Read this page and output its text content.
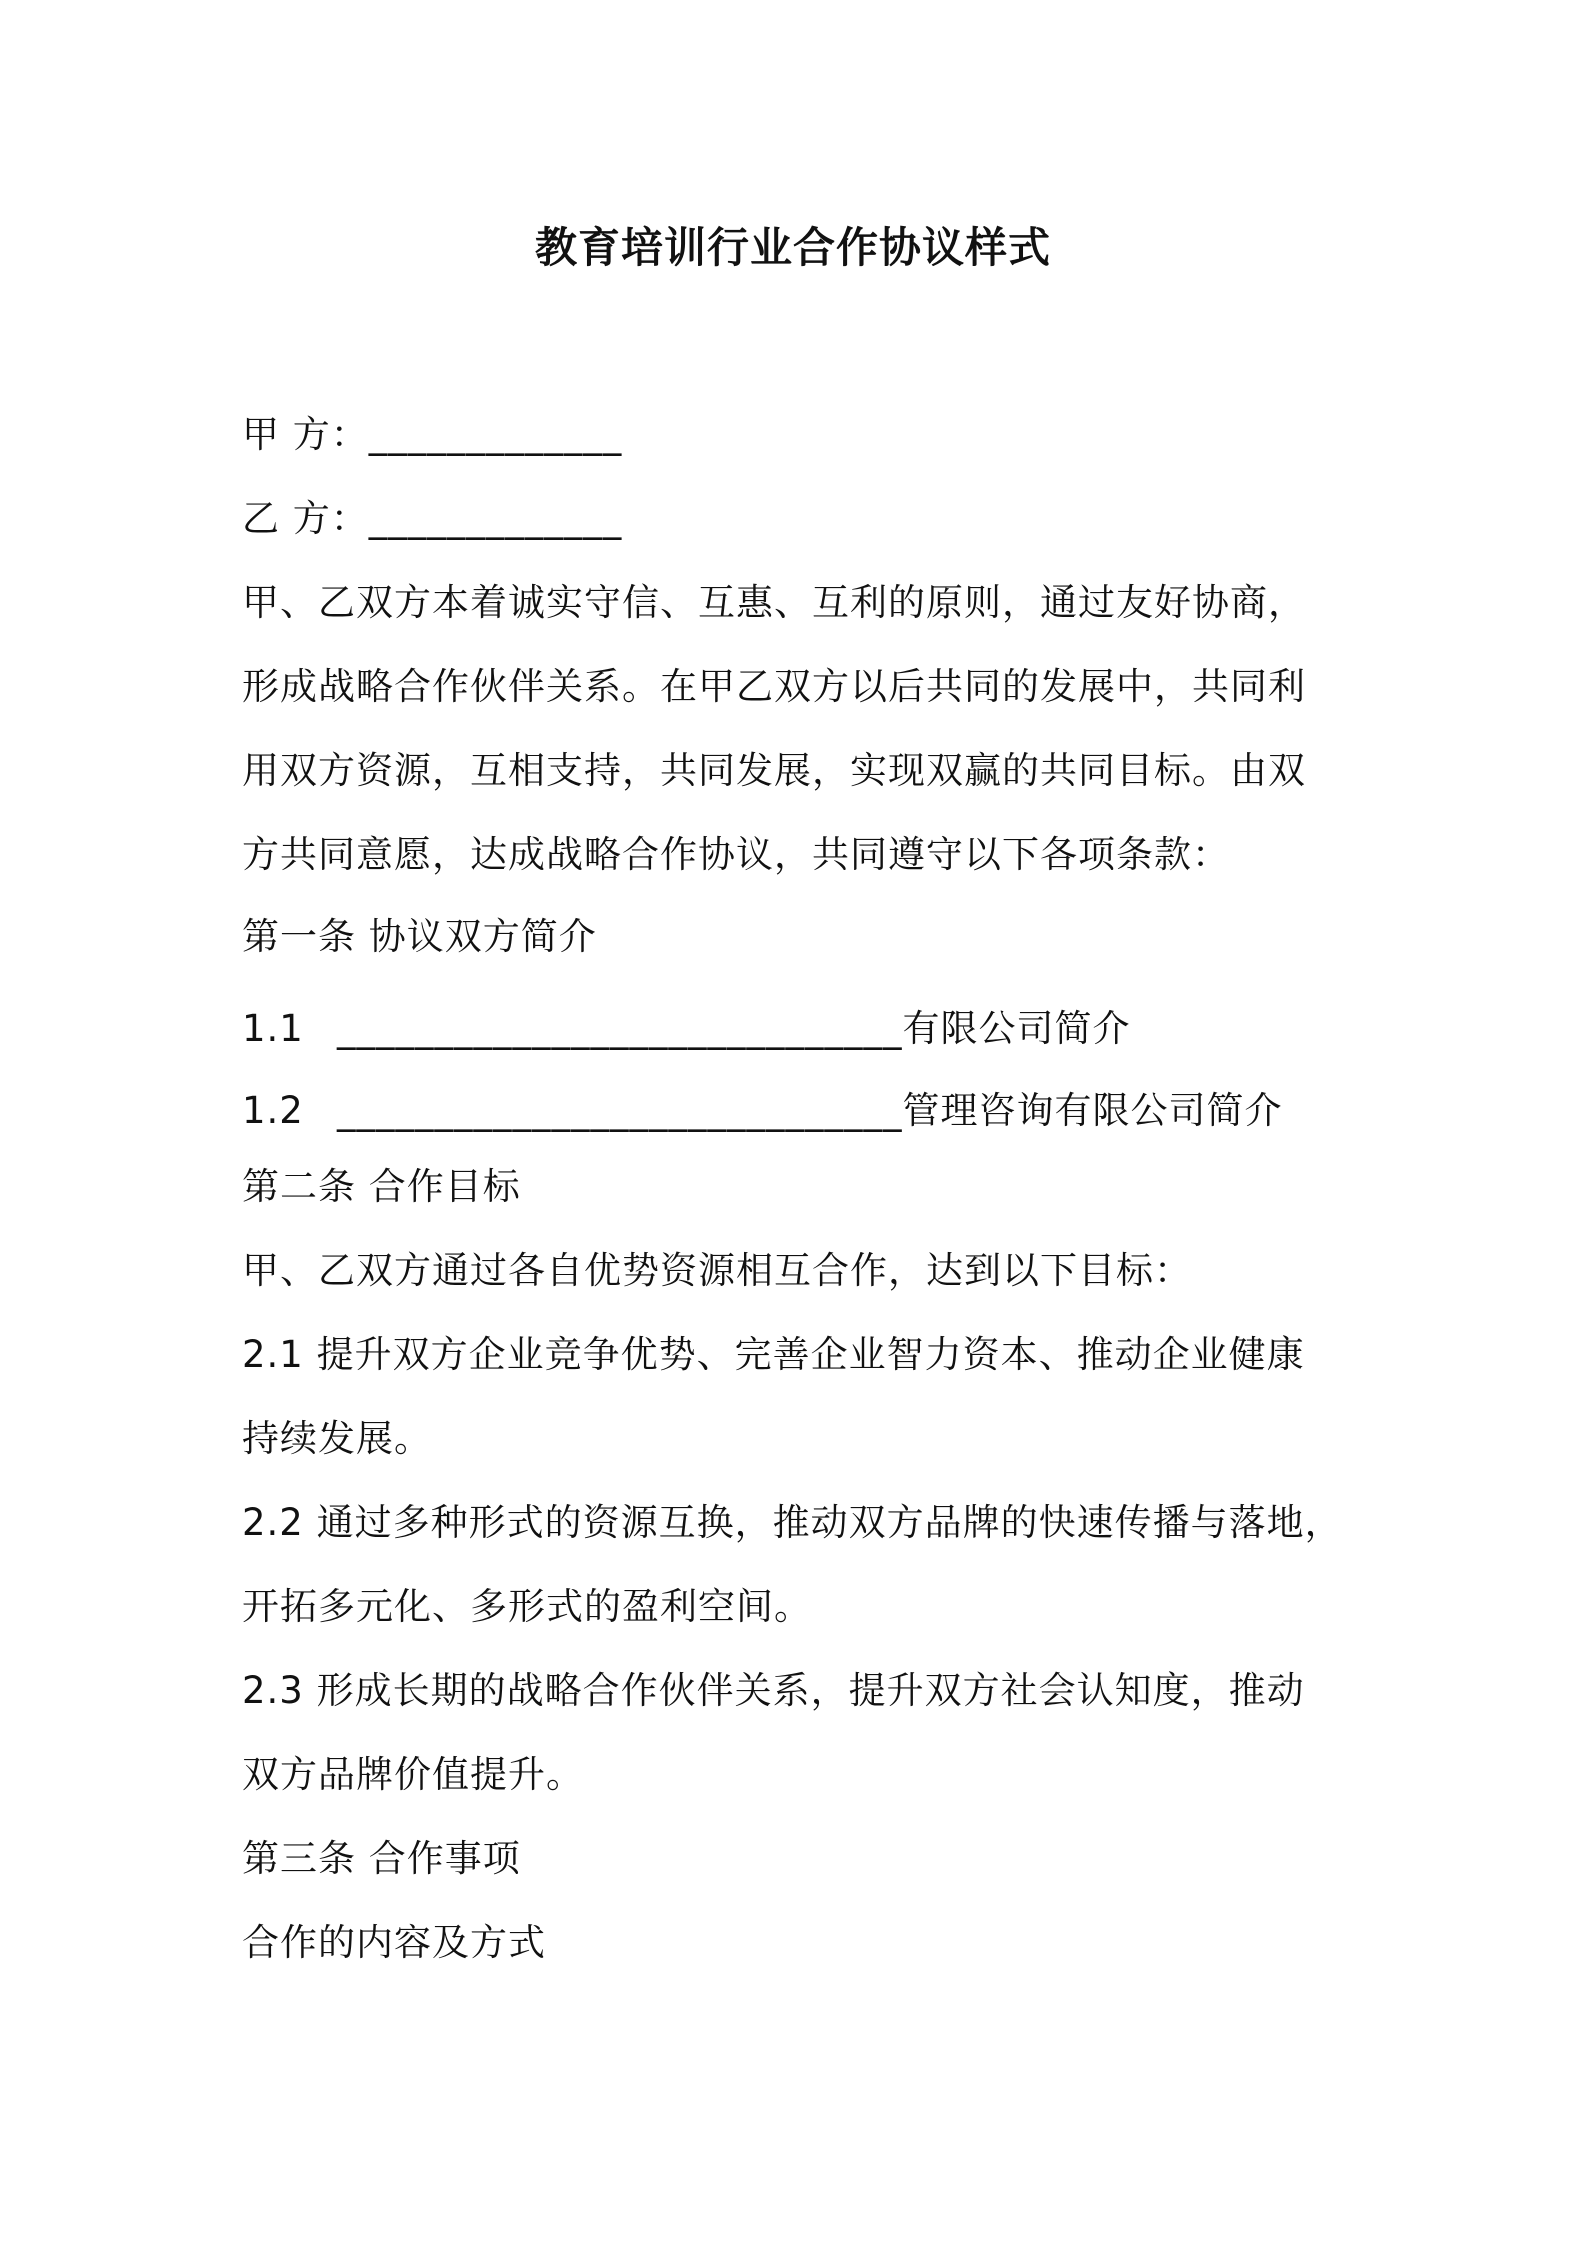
教育培训行业合作协议样式
甲 方：_____________
乙 方：_____________
甲、乙双方本着诚实守信、互惠、互利的原则，通过友好协商，
形成战略合作伙伴关系。在甲乙双方以后共同的发展中，共同利
用双方资源，互相支持，共同发展，实现双赢的共同目标。由双
方共同意愿，达成战略合作协议，共同遵守以下各项条款：
第一条 协议双方简介
1.1 _____________________________有限公司简介
1.2 _____________________________管理咨询有限公司简介
第二条 合作目标
甲、乙双方通过各自优势资源相互合作，达到以下目标：
2.1 提升双方企业竞争优势、完善企业智力资本、推动企业健康
持续发展。
2.2 通过多种形式的资源互换，推动双方品牌的快速传播与落地，
开拓多元化、多形式的盈利空间。
2.3 形成长期的战略合作伙伴关系，提升双方社会认知度，推动
双方品牌价值提升。
第三条 合作事项
合作的内容及方式
